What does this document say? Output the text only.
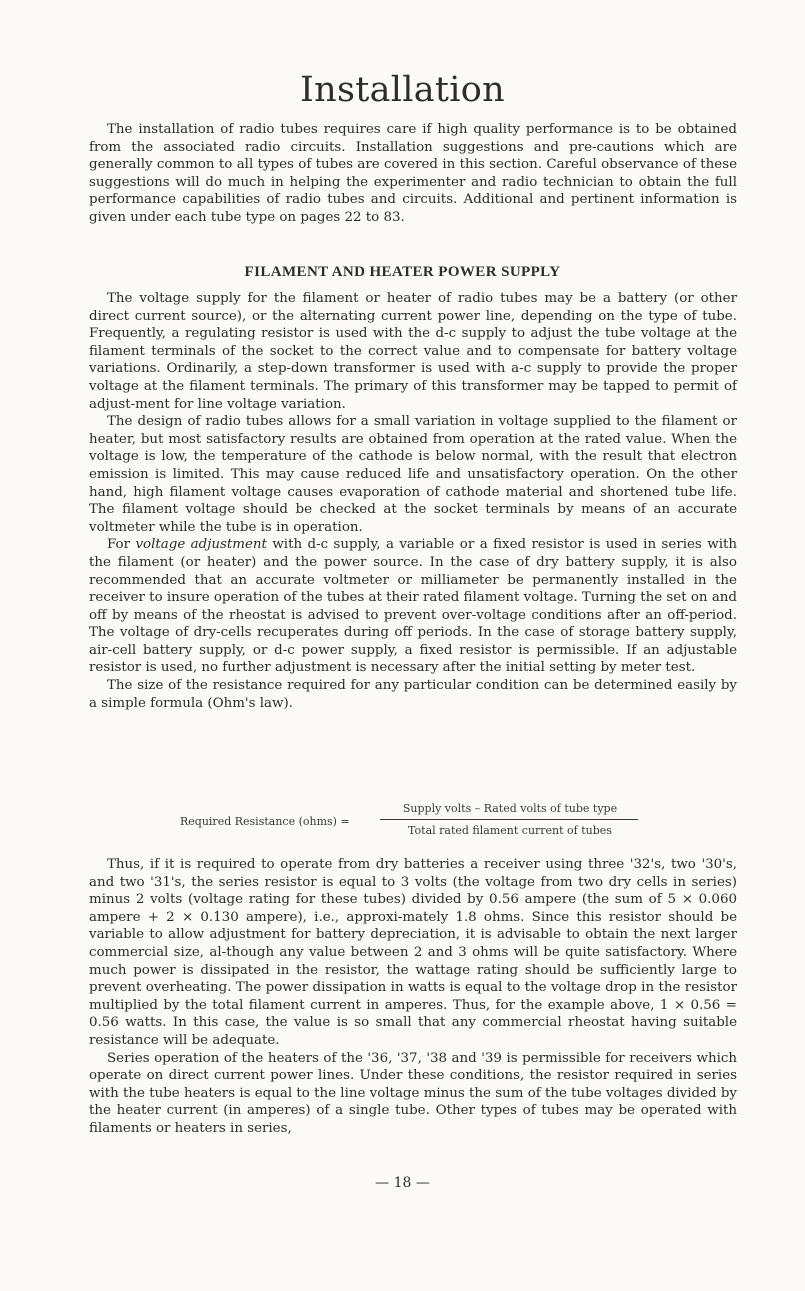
Installation

The installation of radio tubes requires care if high quality performance is to be obtained from the associated radio circuits. Installation suggestions and pre-cautions which are generally common to all types of tubes are covered in this section. Careful observance of these suggestions will do much in helping the experimenter and radio technician to obtain the full performance capabilities of radio tubes and circuits. Additional and pertinent information is given under each tube type on pages 22 to 83.

FILAMENT AND HEATER POWER SUPPLY

The voltage supply for the filament or heater of radio tubes may be a battery (or other direct current source), or the alternating current power line, depending on the type of tube. Frequently, a regulating resistor is used with the d-c supply to adjust the tube voltage at the filament terminals of the socket to the correct value and to compensate for battery voltage variations. Ordinarily, a step-down transformer is used with a-c supply to provide the proper voltage at the filament terminals. The primary of this transformer may be tapped to permit of adjust-ment for line voltage variation.

The design of radio tubes allows for a small variation in voltage supplied to the filament or heater, but most satisfactory results are obtained from operation at the rated value. When the voltage is low, the temperature of the cathode is below normal, with the result that electron emission is limited. This may cause reduced life and unsatisfactory operation. On the other hand, high filament voltage causes evaporation of cathode material and shortened tube life. The filament voltage should be checked at the socket terminals by means of an accurate voltmeter while the tube is in operation.

For voltage adjustment with d-c supply, a variable or a fixed resistor is used in series with the filament (or heater) and the power source. In the case of dry battery supply, it is also recommended that an accurate voltmeter or milliameter be permanently installed in the receiver to insure operation of the tubes at their rated filament voltage. Turning the set on and off by means of the rheostat is advised to prevent over-voltage conditions after an off-period. The voltage of dry-cells recuperates during off periods. In the case of storage battery supply, air-cell battery supply, or d-c power supply, a fixed resistor is permissible. If an adjustable resistor is used, no further adjustment is necessary after the initial setting by meter test.

The size of the resistance required for any particular condition can be determined easily by a simple formula (Ohm's law).

Required Resistance (ohms) =
Supply volts – Rated volts of tube type
Total rated filament current of tubes

Thus, if it is required to operate from dry batteries a receiver using three '32's, two '30's, and two '31's, the series resistor is equal to 3 volts (the voltage from two dry cells in series) minus 2 volts (voltage rating for these tubes) divided by 0.56 ampere (the sum of 5 × 0.060 ampere + 2 × 0.130 ampere), i.e., approxi-mately 1.8 ohms. Since this resistor should be variable to allow adjustment for battery depreciation, it is advisable to obtain the next larger commercial size, al-though any value between 2 and 3 ohms will be quite satisfactory. Where much power is dissipated in the resistor, the wattage rating should be sufficiently large to prevent overheating. The power dissipation in watts is equal to the voltage drop in the resistor multiplied by the total filament current in amperes. Thus, for the example above, 1 × 0.56 = 0.56 watts. In this case, the value is so small that any commercial rheostat having suitable resistance will be adequate.

Series operation of the heaters of the '36, '37, '38 and '39 is permissible for receivers which operate on direct current power lines. Under these conditions, the resistor required in series with the tube heaters is equal to the line voltage minus the sum of the tube voltages divided by the heater current (in amperes) of a single tube. Other types of tubes may be operated with filaments or heaters in series,

— 18 —
